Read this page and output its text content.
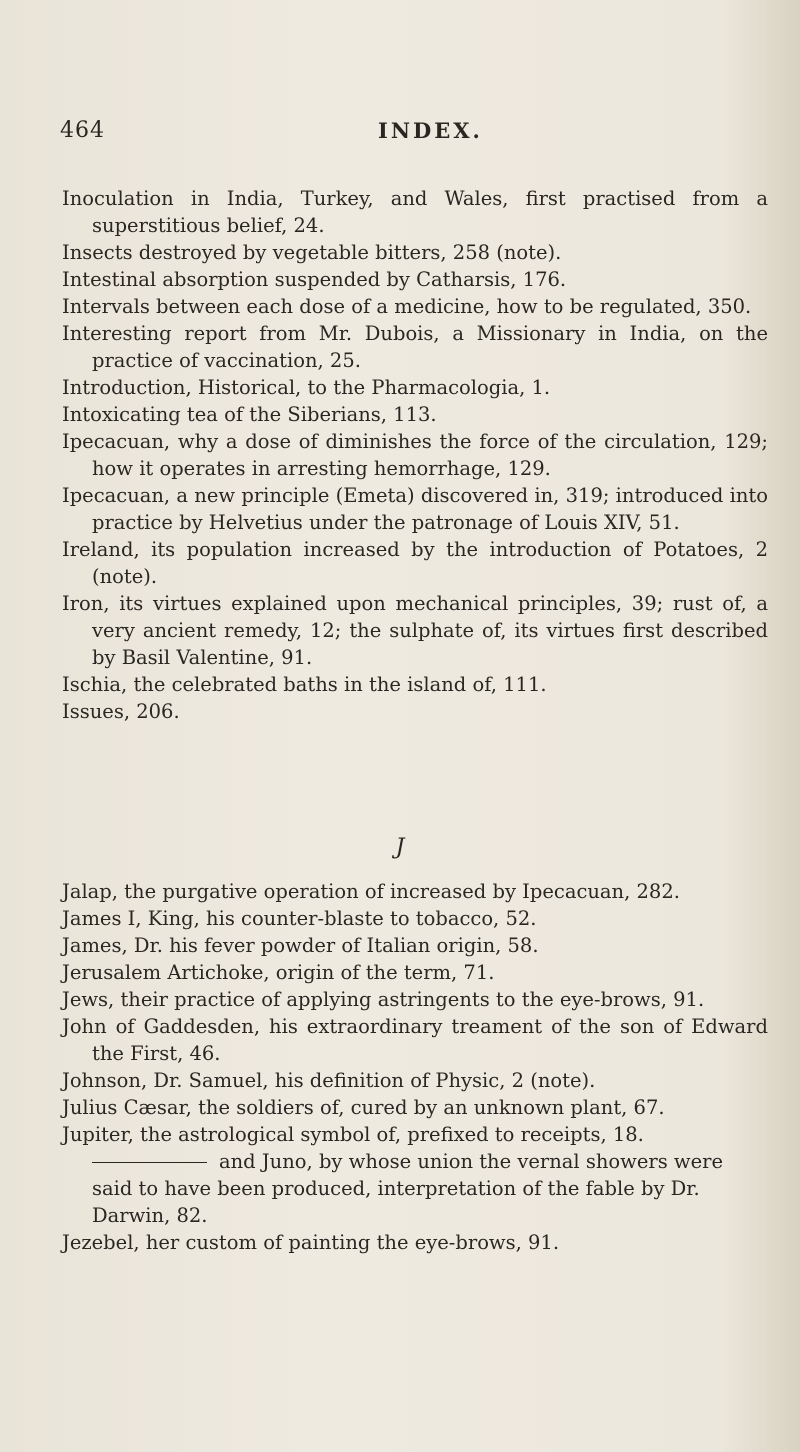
464	INDEX.

Inoculation in India, Turkey, and Wales, first practised from a superstitious belief, 24.

Insects destroyed by vegetable bitters, 258 (note).

Intestinal absorption suspended by Catharsis, 176.

Intervals between each dose of a medicine, how to be regulated, 350.

Interesting report from Mr. Dubois, a Missionary in India, on the practice of vaccination, 25.

Introduction, Historical, to the Pharmacologia, 1.

Intoxicating tea of the Siberians, 113.

Ipecacuan, why a dose of diminishes the force of the circulation, 129; how it operates in arresting hemorrhage, 129.

Ipecacuan, a new principle (Emeta) discovered in, 319; introduced into practice by Helvetius under the patronage of Louis XIV, 51.

Ireland, its population increased by the introduction of Potatoes, 2 (note).

Iron, its virtues explained upon mechanical principles, 39; rust of, a very ancient remedy, 12; the sulphate of, its virtues first described by Basil Valentine, 91.

Ischia, the celebrated baths in the island of, 111.

Issues, 206.

J

Jalap, the purgative operation of increased by Ipecacuan, 282.

James I, King, his counter-blaste to tobacco, 52.

James, Dr. his fever powder of Italian origin, 58.

Jerusalem Artichoke, origin of the term, 71.

Jews, their practice of applying astringents to the eye-brows, 91.

John of Gaddesden, his extraordinary treament of the son of Edward the First, 46.

Johnson, Dr. Samuel, his definition of Physic, 2 (note).

Julius Cæsar, the soldiers of, cured by an unknown plant, 67.

Jupiter, the astrological symbol of, prefixed to receipts, 18.

and Juno, by whose union the vernal showers were said to have been produced, interpretation of the fable by Dr. Darwin, 82.

Jezebel, her custom of painting the eye-brows, 91.
